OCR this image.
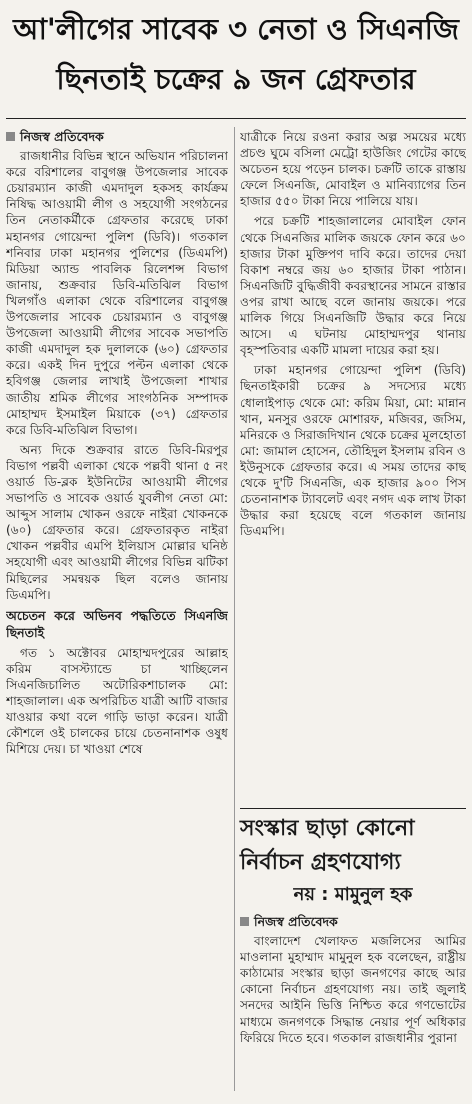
আ'লীগের সাবেক ৩ নেতা ও সিএনজি
ছিনতাই চক্রের ৯ জন গ্রেফতার
নিজস্ব প্রতিবেদক

রাজধানীর বিভিন্ন স্থানে অভিযান পরিচালনা করে বরিশালের বাবুগঞ্জ উপজেলার সাবেক চেয়ারম্যান কাজী এমদাদুল হকসহ কার্যক্রম নিষিদ্ধ আওয়ামী লীগ ও সহযোগী সংগঠনের তিন নেতাকর্মীকে গ্রেফতার করেছে ঢাকা মহানগর গোয়েন্দা পুলিশ (ডিবি)। গতকাল শনিবার ঢাকা মহানগর পুলিশের (ডিএমপি) মিডিয়া অ্যান্ড পাবলিক রিলেশন্স বিভাগ জানায়, শুক্রবার ডিবি-মতিঝিল বিভাগ খিলগাঁও এলাকা থেকে বরিশালের বাবুগঞ্জ উপজেলার সাবেক চেয়ারম্যান ও বাবুগঞ্জ উপজেলা আওয়ামী লীগের সাবেক সভাপতি কাজী এমদাদুল হক দুলালকে (৬০) গ্রেফতার করে। একই দিন দুপুরে পল্টন এলাকা থেকে হবিগঞ্জ জেলার লাখাই উপজেলা শাখার জাতীয় শ্রমিক লীগের সাংগঠনিক সম্পাদক মোহাম্মদ ইসমাইল মিয়াকে (৩৭) গ্রেফতার করে ডিবি-মতিঝিল বিভাগ।

অন্য দিকে শুক্রবার রাতে ডিবি-মিরপুর বিভাগ পল্লবী এলাকা থেকে পল্লবী থানা ৫ নং ওয়ার্ড ডি-ব্লক ইউনিটের আওয়ামী লীগের সভাপতি ও সাবেক ওয়ার্ড যুবলীগ নেতা মো: আব্দুস সালাম খোকন ওরফে নাইরা খোকনকে (৬০) গ্রেফতার করে। গ্রেফতারকৃত নাইরা খোকন পল্লবীর এমপি ইলিয়াস মোল্লার ঘনিষ্ঠ সহযোগী এবং আওয়ামী লীগের বিভিন্ন ঝটিকা মিছিলের সমন্বয়ক ছিল বলেও জানায় ডিএমপি।

অচেতন করে অভিনব পদ্ধতিতে সিএনজি ছিনতাই

গত ১ অক্টোবর মোহাম্মদপুরের আল্লাহ করিম বাসস্ট্যান্ডে চা খাচ্ছিলেন সিএনজিচালিত অটোরিকশাচালক মো: শাহজালাল। এক অপরিচিত যাত্রী আটি বাজার যাওয়ার কথা বলে গাড়ি ভাড়া করেন। যাত্রী কৌশলে ওই চালকের চায়ে চেতনানাশক ওষুধ মিশিয়ে দেয়। চা খাওয়া শেষে

যাত্রীকে নিয়ে রওনা করার অল্প সময়ের মধ্যে প্রচণ্ড ঘুমে বসিলা মেট্রো হাউজিং গেটের কাছে অচেতন হয়ে পড়েন চালক। চক্রটি তাকে রাস্তায় ফেলে সিএনজি, মোবাইল ও মানিব্যাগের তিন হাজার ৫৫০ টাকা নিয়ে পালিয়ে যায়।

পরে চক্রটি শাহজালালের মোবাইল ফোন থেকে সিএনজির মালিক জয়কে ফোন করে ৬০ হাজার টাকা মুক্তিপণ দাবি করে। তাদের দেয়া বিকাশ নম্বরে জয় ৬০ হাজার টাকা পাঠান। সিএনজিটি বুদ্ধিজীবী কবরস্থানের সামনে রাস্তার ওপর রাখা আছে বলে জানায় জয়কে। পরে মালিক গিয়ে সিএনজিটি উদ্ধার করে নিয়ে আসে। এ ঘটনায় মোহাম্মদপুর থানায় বৃহস্পতিবার একটি মামলা দায়ের করা হয়।

ঢাকা মহানগর গোয়েন্দা পুলিশ (ডিবি) ছিনতাইকারী চক্রের ৯ সদস্যের মধ্যে ধোলাইপাড় থেকে মো: করিম মিয়া, মো: মান্নান খান, মনসুর ওরফে মোশারফ, মজিবর, জসিম, মনিরকে ও সিরাজদিখান থেকে চক্রের মূলহোতা মো: জামাল হোসেন, তৌহিদুল ইসলাম রবিন ও ইউনুসকে গ্রেফতার করে। এ সময় তাদের কাছ থেকে দু'টি সিএনজি, এক হাজার ৯০০ পিস চেতনানাশক ট্যাবলেট এবং নগদ এক লাখ টাকা উদ্ধার করা হয়েছে বলে গতকাল জানায় ডিএমপি।

সংস্কার ছাড়া কোনো
নির্বাচন গ্রহণযোগ্য
নয় : মামুনুল হক
নিজস্ব প্রতিবেদক

বাংলাদেশ খেলাফত মজলিসের আমির মাওলানা মুহাম্মাদ মামুনুল হক বলেছেন, রাষ্ট্রীয় কাঠামোর সংস্কার ছাড়া জনগণের কাছে আর কোনো নির্বাচন গ্রহণযোগ্য নয়। তাই জুলাই সনদের আইনি ভিত্তি নিশ্চিত করে গণভোটের মাধ্যমে জনগণকে সিদ্ধান্ত নেয়ার পূর্ণ অধিকার ফিরিয়ে দিতে হবে। গতকাল রাজধানীর পুরানা
